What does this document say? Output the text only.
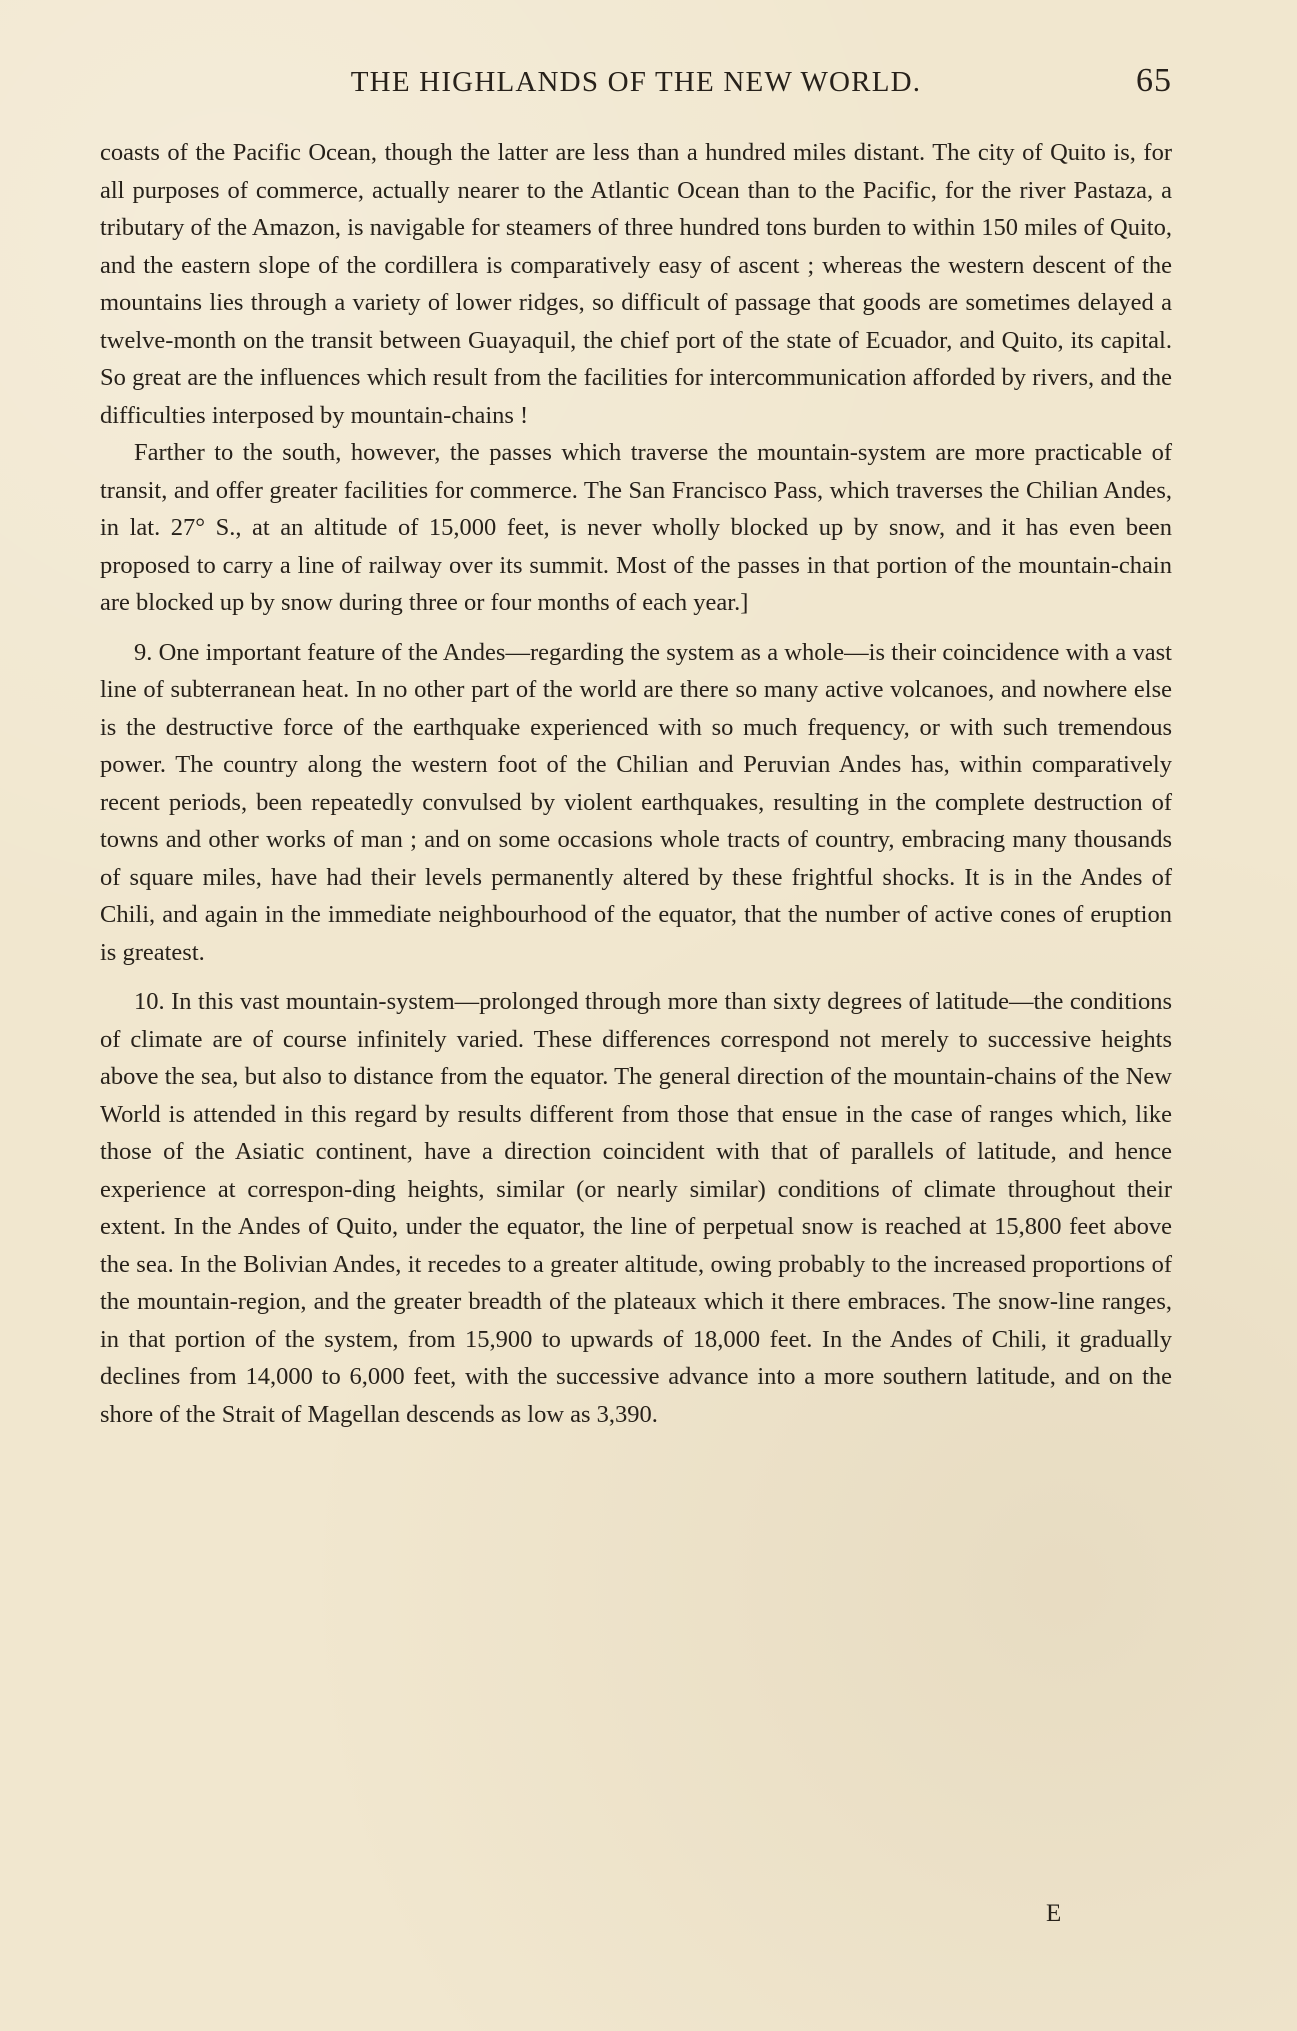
THE HIGHLANDS OF THE NEW WORLD.	65

coasts of the Pacific Ocean, though the latter are less than a hundred miles distant. The city of Quito is, for all purposes of commerce, actually nearer to the Atlantic Ocean than to the Pacific, for the river Pastaza, a tributary of the Amazon, is navigable for steamers of three hundred tons burden to within 150 miles of Quito, and the eastern slope of the cordillera is comparatively easy of ascent ; whereas the western descent of the mountains lies through a variety of lower ridges, so difficult of passage that goods are sometimes delayed a twelve-month on the transit between Guayaquil, the chief port of the state of Ecuador, and Quito, its capital. So great are the influences which result from the facilities for intercommunication afforded by rivers, and the difficulties interposed by mountain-chains !

Farther to the south, however, the passes which traverse the mountain-system are more practicable of transit, and offer greater facilities for commerce. The San Francisco Pass, which traverses the Chilian Andes, in lat. 27° S., at an altitude of 15,000 feet, is never wholly blocked up by snow, and it has even been proposed to carry a line of railway over its summit. Most of the passes in that portion of the mountain-chain are blocked up by snow during three or four months of each year.]

9. One important feature of the Andes—regarding the system as a whole—is their coincidence with a vast line of subterranean heat. In no other part of the world are there so many active volcanoes, and nowhere else is the destructive force of the earthquake experienced with so much frequency, or with such tremendous power. The country along the western foot of the Chilian and Peruvian Andes has, within comparatively recent periods, been repeatedly convulsed by violent earthquakes, resulting in the complete destruction of towns and other works of man ; and on some occasions whole tracts of country, embracing many thousands of square miles, have had their levels permanently altered by these frightful shocks. It is in the Andes of Chili, and again in the immediate neighbourhood of the equator, that the number of active cones of eruption is greatest.

10. In this vast mountain-system—prolonged through more than sixty degrees of latitude—the conditions of climate are of course infinitely varied. These differences correspond not merely to successive heights above the sea, but also to distance from the equator. The general direction of the mountain-chains of the New World is attended in this regard by results different from those that ensue in the case of ranges which, like those of the Asiatic continent, have a direction coincident with that of parallels of latitude, and hence experience at correspon-ding heights, similar (or nearly similar) conditions of climate throughout their extent. In the Andes of Quito, under the equator, the line of perpetual snow is reached at 15,800 feet above the sea. In the Bolivian Andes, it recedes to a greater altitude, owing probably to the increased proportions of the mountain-region, and the greater breadth of the plateaux which it there embraces. The snow-line ranges, in that portion of the system, from 15,900 to upwards of 18,000 feet. In the Andes of Chili, it gradually declines from 14,000 to 6,000 feet, with the successive advance into a more southern latitude, and on the shore of the Strait of Magellan descends as low as 3,390.

E
